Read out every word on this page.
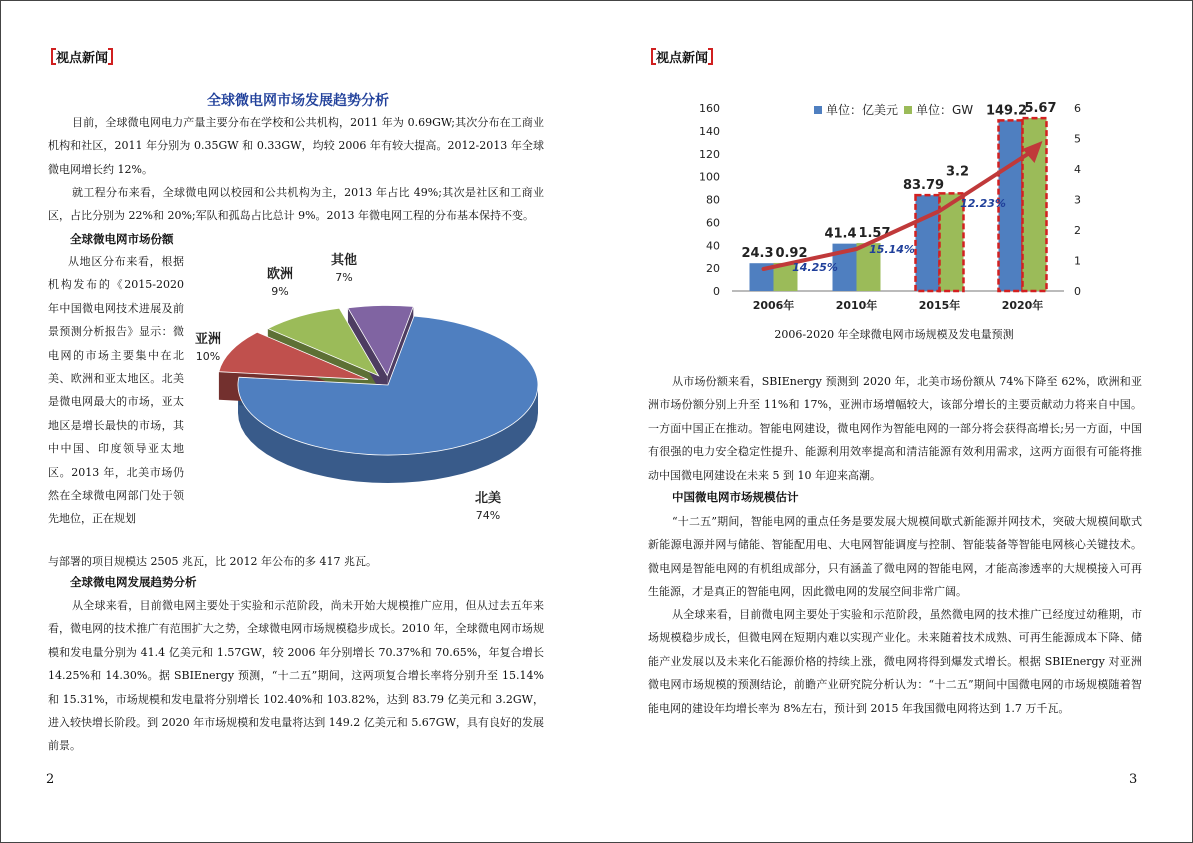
视点新闻
全球微电网市场发展趋势分析
目前，全球微电网电力产量主要分布在学校和公共机构，2011 年为 0.69GW;其次分布在工商业机构和社区，2011 年分别为 0.35GW 和 0.33GW，均较 2006 年有较大提高。2012-2013 年全球微电网增长约 12%。
就工程分布来看，全球微电网以校园和公共机构为主，2013 年占比 49%;其次是社区和工商业区，占比分别为 22%和 20%;军队和孤岛占比总计 9%。2013 年微电网工程的分布基本保持不变。
全球微电网市场份额
从地区分布来看，根据机构发布的《2015-2020 年中国微电网技术进展及前景预测分析报告》显示：微电网的市场主要集中在北美、欧洲和亚太地区。北美是微电网最大的市场，亚太地区是增长最快的市场，其中中国、印度领导亚太地区。2013 年，北美市场仍然在全球微电网部门处于领先地位，正在规划
与部署的项目规模达 2505 兆瓦，比 2012 年公布的多 417 兆瓦。
北美
74%
亚洲
10%
欧洲
9%
其他
7%
全球微电网发展趋势分析
从全球来看，目前微电网主要处于实验和示范阶段，尚未开始大规模推广应用，但从过去五年来看，微电网的技术推广有范围扩大之势，全球微电网市场规模稳步成长。2010 年，全球微电网市场规模和发电量分别为 41.4 亿美元和 1.57GW，较 2006 年分别增长 70.37%和 70.65%，年复合增长 14.25%和 14.30%。据 SBIEnergy 预测，“十二五”期间，这两项复合增长率将分别升至 15.14%和 15.31%，市场规模和发电量将分别增长 102.40%和 103.82%，达到 83.79 亿美元和 3.2GW，进入较快增长阶段。到 2020 年市场规模和发电量将达到 149.2 亿美元和 5.67GW，具有良好的发展前景。
2
视点新闻
0
20
40
60
80
100
120
140
160
0
1
2
3
4
5
6
24.3 0.92
2006年
41.4 1.57
2010年
83.79
3.2
2015年
149.2
5.67
2020年
14.25%
15.14%
12.23%
单位：亿美元 单位：GW
2006-2020 年全球微电网市场规模及发电量预测
从市场份额来看，SBIEnergy 预测到 2020 年，北美市场份额从 74%下降至 62%，欧洲和亚洲市场份额分别上升至 11%和 17%，亚洲市场增幅较大，该部分增长的主要贡献动力将来自中国。一方面中国正在推动。智能电网建设，微电网作为智能电网的一部分将会获得高增长;另一方面，中国有很强的电力安全稳定性提升、能源利用效率提高和清洁能源有效利用需求，这两方面很有可能将推动中国微电网建设在未来 5 到 10 年迎来高潮。
中国微电网市场规模估计
“十二五”期间，智能电网的重点任务是要发展大规模间歇式新能源并网技术，突破大规模间歇式新能源电源并网与储能、智能配用电、大电网智能调度与控制、智能装备等智能电网核心关键技术。微电网是智能电网的有机组成部分，只有涵盖了微电网的智能电网，才能高渗透率的大规模接入可再生能源，才是真正的智能电网，因此微电网的发展空间非常广阔。
从全球来看，目前微电网主要处于实验和示范阶段，虽然微电网的技术推广已经度过幼稚期，市场规模稳步成长，但微电网在短期内难以实现产业化。未来随着技术成熟、可再生能源成本下降、储能产业发展以及未来化石能源价格的持续上涨，微电网将得到爆发式增长。根据 SBIEnergy 对亚洲微电网市场规模的预测结论，前瞻产业研究院分析认为：“十二五”期间中国微电网的市场规模随着智能电网的建设年均增长率为 8%左右，预计到 2015 年我国微电网将达到 1.7 万千瓦。
3
